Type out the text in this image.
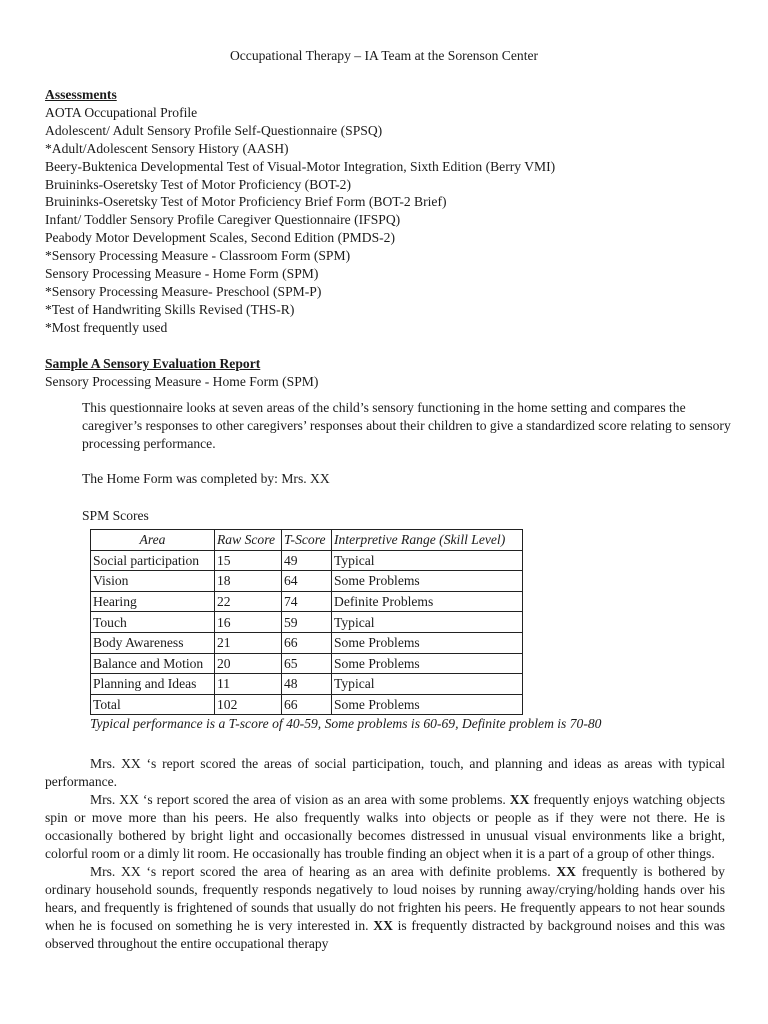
Occupational Therapy – IA Team at the Sorenson Center
Assessments
AOTA Occupational Profile
Adolescent/ Adult Sensory Profile Self-Questionnaire (SPSQ)
*Adult/Adolescent Sensory History (AASH)
Beery-Buktenica Developmental Test of Visual-Motor Integration, Sixth Edition (Berry VMI)
Bruininks-Oseretsky Test of Motor Proficiency (BOT-2)
Bruininks-Oseretsky Test of Motor Proficiency Brief Form (BOT-2 Brief)
Infant/ Toddler Sensory Profile Caregiver Questionnaire (IFSPQ)
Peabody Motor Development Scales, Second Edition (PMDS-2)
*Sensory Processing Measure - Classroom Form (SPM)
Sensory Processing Measure - Home Form (SPM)
*Sensory Processing Measure- Preschool (SPM-P)
*Test of Handwriting Skills Revised (THS-R)
*Most frequently used
Sample A Sensory Evaluation Report
Sensory Processing Measure - Home Form (SPM)
This questionnaire looks at seven areas of the child’s sensory functioning in the home setting and compares the caregiver’s responses to other caregivers’ responses about their children to give a standardized score relating to sensory processing performance.
The Home Form was completed by: Mrs. XX
SPM Scores
Area	Raw Score	T-Score	Interpretive Range (Skill Level)
Social participation	15	49	Typical
Vision	18	64	Some Problems
Hearing	22	74	Definite Problems
Touch	16	59	Typical
Body Awareness	21	66	Some Problems
Balance and Motion	20	65	Some Problems
Planning and Ideas	11	48	Typical
Total	102	66	Some Problems
Typical performance is a T-score of 40-59, Some problems is 60-69, Definite problem is 70-80

Mrs. XX ‘s report scored the areas of social participation, touch, and planning and ideas as areas with typical performance.

Mrs. XX ‘s report scored the area of vision as an area with some problems. XX frequently enjoys watching objects spin or move more than his peers. He also frequently walks into objects or people as if they were not there. He is occasionally bothered by bright light and occasionally becomes distressed in unusual visual environments like a bright, colorful room or a dimly lit room. He occasionally has trouble finding an object when it is a part of a group of other things.

Mrs. XX ‘s report scored the area of hearing as an area with definite problems. XX frequently is bothered by ordinary household sounds, frequently responds negatively to loud noises by running away/crying/holding hands over his hears, and frequently is frightened of sounds that usually do not frighten his peers. He frequently appears to not hear sounds when he is focused on something he is very interested in. XX is frequently distracted by background noises and this was observed throughout the entire occupational therapy
